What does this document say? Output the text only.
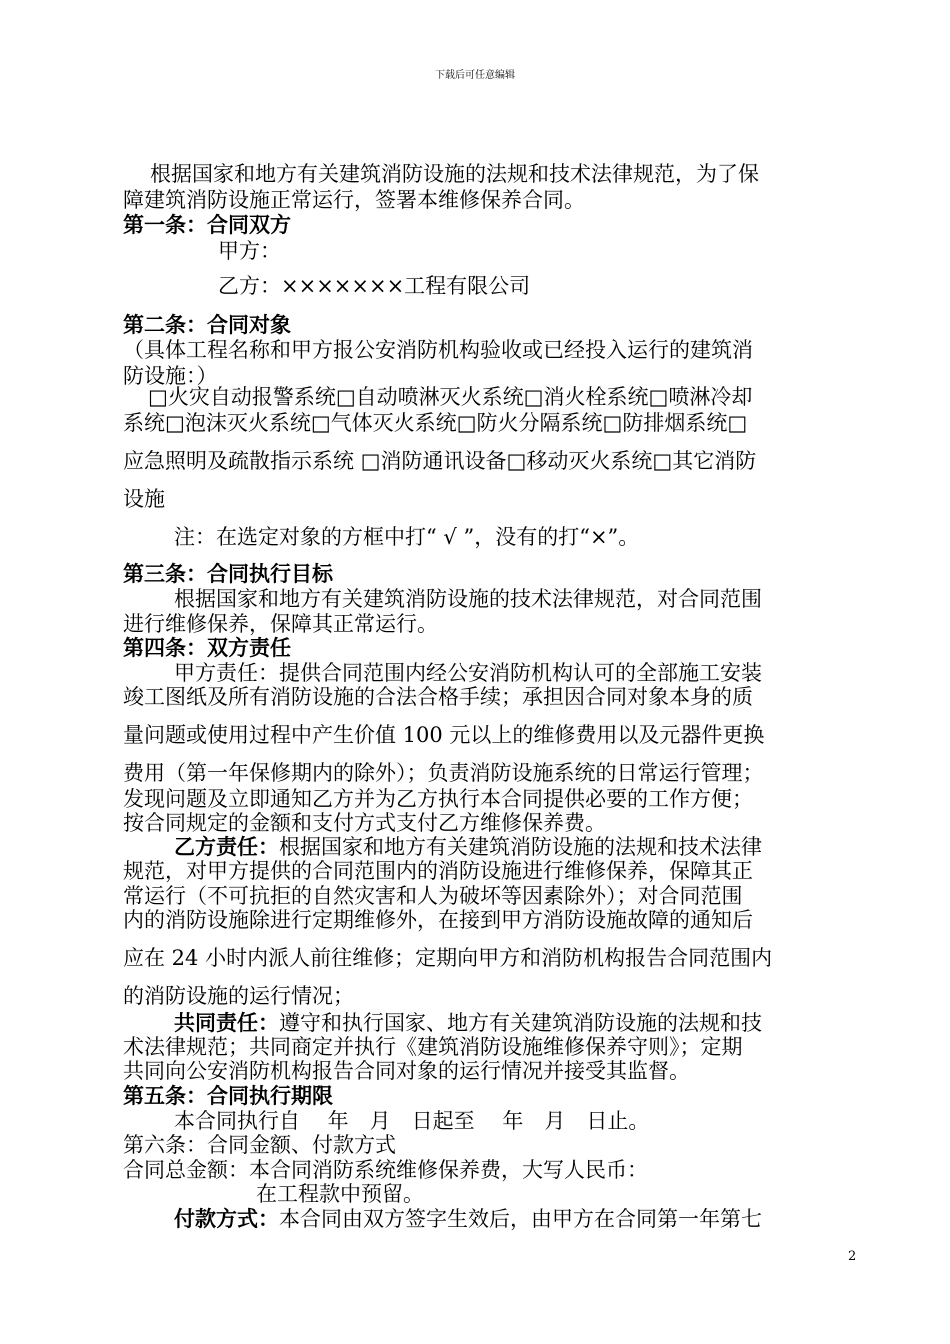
下载后可任意编辑
根据国家和地方有关建筑消防设施的法规和技术法律规范，为了保
障建筑消防设施正常运行，签署本维修保养合同。
第一条：合同双方
甲方：
乙方：×××××××工程有限公司
第二条：合同对象
（具体工程名称和甲方报公安消防机构验收或已经投入运行的建筑消
防设施：）
□火灾自动报警系统□自动喷淋灭火系统□消火栓系统□喷淋冷却
系统□泡沫灭火系统□气体灭火系统□防火分隔系统□防排烟系统□
应急照明及疏散指示系统 □消防通讯设备□移动灭火系统□其它消防
设施
注：在选定对象的方框中打“ √ ”，没有的打“×”。
第三条：合同执行目标
根据国家和地方有关建筑消防设施的技术法律规范，对合同范围
进行维修保养，保障其正常运行。
第四条：双方责任
甲方责任：提供合同范围内经公安消防机构认可的全部施工安装
竣工图纸及所有消防设施的合法合格手续；承担因合同对象本身的质
量问题或使用过程中产生价值 100 元以上的维修费用以及元器件更换
费用（第一年保修期内的除外）；负责消防设施系统的日常运行管理；
发现问题及立即通知乙方并为乙方执行本合同提供必要的工作方便；
按合同规定的金额和支付方式支付乙方维修保养费。
乙方责任：根据国家和地方有关建筑消防设施的法规和技术法律
规范，对甲方提供的合同范围内的消防设施进行维修保养，保障其正
常运行（不可抗拒的自然灾害和人为破坏等因素除外）；对合同范围
内的消防设施除进行定期维修外，在接到甲方消防设施故障的通知后
应在 24 小时内派人前往维修；定期向甲方和消防机构报告合同范围内
的消防设施的运行情况；
共同责任：遵守和执行国家、地方有关建筑消防设施的法规和技
术法律规范；共同商定并执行《建筑消防设施维修保养守则》；定期
共同向公安消防机构报告合同对象的运行情况并接受其监督。
第五条：合同执行期限
本合同执行自　 年　月　日起至　 年　月　日止。
第六条：合同金额、付款方式
合同总金额：本合同消防系统维修保养费，大写人民币：
在工程款中预留。
付款方式：本合同由双方签字生效后，由甲方在合同第一年第七
2
